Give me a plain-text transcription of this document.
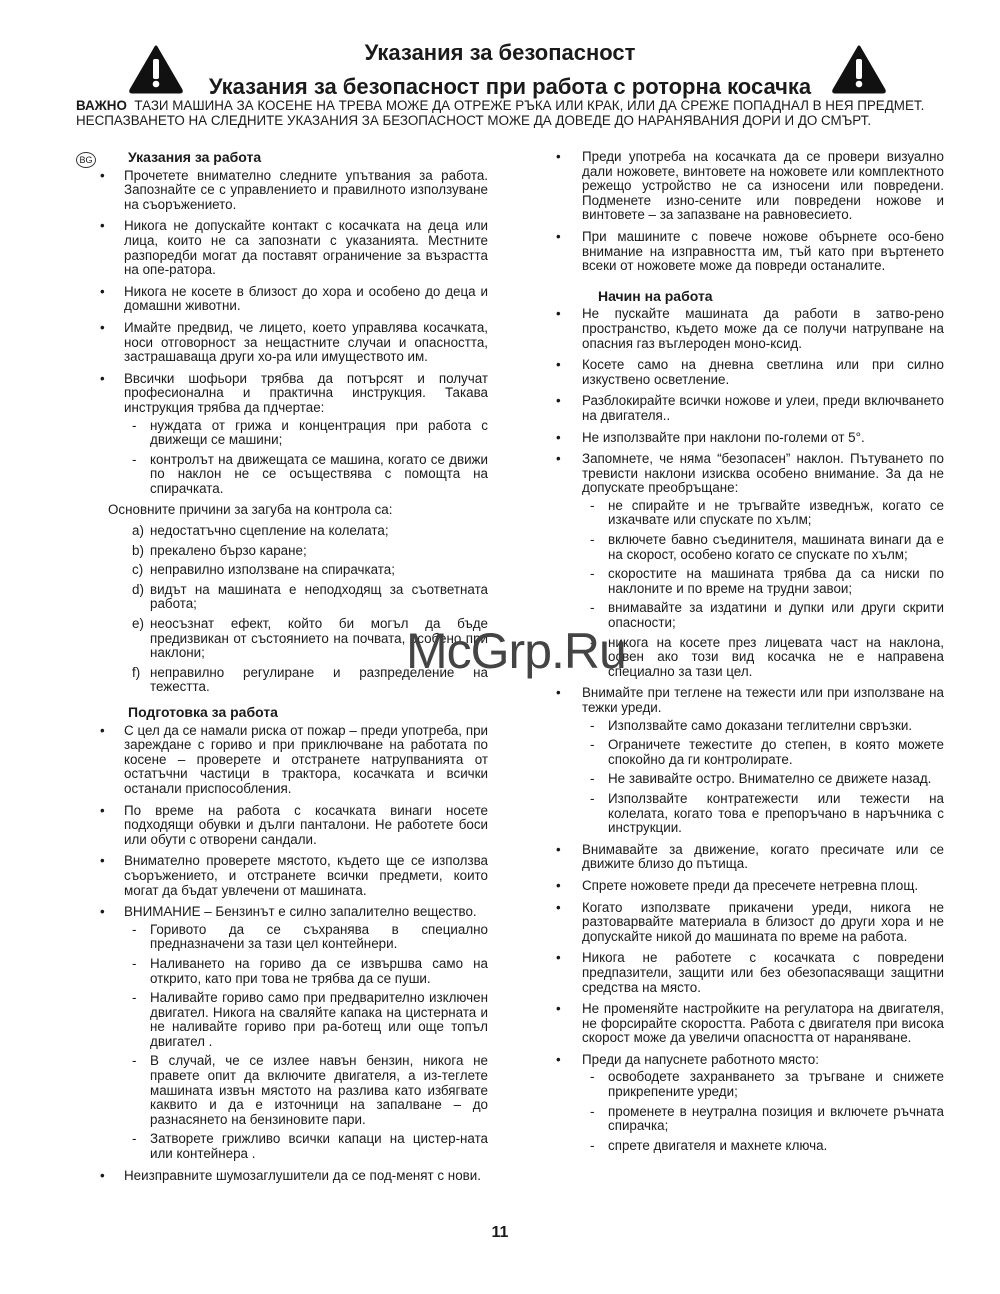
Указания за безопасност
Указания за безопасност при работа с роторна косачка
ВАЖНО ТАЗИ МАШИНА ЗА КОСЕНЕ НА ТРЕВА МОЖЕ ДА ОТРЕЖЕ РЪКА ИЛИ КРАК, ИЛИ ДА СРЕЖЕ ПОПАДНАЛ В НЕЯ ПРЕДМЕТ. НЕСПАЗВАНЕТО НА СЛЕДНИТЕ УКАЗАНИЯ ЗА БЕЗОПАСНОСТ МОЖЕ ДА ДОВЕДЕ ДО НАРАНЯВАНИЯ ДОРИ И ДО СМЪРТ.
BG	Указания за работа
• Прочетете внимателно следните упътвания за работа. Запознайте се с управлението и правилното използуване на съоръжението.
• Никога не допускайте контакт с косачката на деца или лица, които не са запознати с указанията. Местните разпоредби могат да поставят ограничение за възрастта на опе-ратора.
• Никога не косете в близост до хора и особено до деца и домашни животни.
• Имайте предвид, че лицето, което управлява косачката, носи отговорност за нещастните случаи и опасността, застрашаваща други хо-ра или имуществото им.
• Ввсички шофьори трябва да потърсят и получат професионална и практична инструкция. Такава инструкция трябва да пдчертае:
- нуждата от грижа и концентрация при работа с движещи се машини;
- контролът на движещата се машина, когато се движи по наклон не се осъществява с помощта на спирачката.
Основните причини за загуба на контрола са:
a) недостатъчно сцепление на колелата;
b) прекалено бързо каране;
c) неправилно използване на спирачката;
d) видът на машината е неподходящ за съответната работа;
e) неосъзнат ефект, който би могъл да бъде предизвикан от състоянието на почвата, особено при наклони;
f) неправилно регулиране и разпределение на тежестта.
Подготовка за работа
• С цел да се намали риска от пожар – преди употреба, при зареждане с гориво и при приключване на работата по косене – проверете и отстранете натрупванията от остатъчни частици в трактора, косачката и всички останали приспособления.
• По време на работа с косачката винаги носете подходящи обувки и дълги панталони. Не работете боси или обути с отворени сандали.
• Внимателно проверете мястото, където ще се използва съоръжението, и отстранете всички предмети, които могат да бъдат увлечени от машината.
• ВНИМАНИЕ – Бензинът е силно запалително вещество.
- Горивото да се съхранява в специално предназначени за тази цел контейнери.
- Наливането на гориво да се извършва само на открито, като при това не трябва да се пуши.
- Наливайте гориво само при предварително изключен двигател. Никога на сваляйте капака на цистерната и не наливайте гориво при ра-ботещ или още топъл двигател .
- В случай, че се излее навън бензин, никога не правете опит да включите двигателя, а из-теглете машината извън мястото на разлива като избягвате каквито и да е източници на запалване – до разнасянето на бензиновите пари.
- Затворете грижливо всички капаци на цистер-ната или контейнера .
• Неизправните шумозаглушители да се под-менят с нови.
• Преди употреба на косачката да се провери визуално дали ножовете, винтовете на ножовете или комплектното режещо устройство не са износени или повредени. Подменете изно-сените или повредени ножове и винтовете – за запазване на равновесието.
• При машините с повече ножове обърнете осо-бено внимание на изправността им, тъй като при въртенето всеки от ножовете може да повреди останалите.
Начин на работа
• Не пускайте машината да работи в затво-рено пространство, където може да се получи натрупване на опасния газ въглероден моно-ксид.
• Косете само на дневна светлина или при силно изкуствено осветление.
• Разблокирайте всички ножове и улеи, преди включването на двигателя..
• Не използвайте при наклони по-големи от 5°.
• Запомнете, че няма “безопасен” наклон. Пътуването по тревисти наклони изисква особено внимание. За да не допускате преобръщане:
- не спирайте и не тръгвайте изведнъж, когато се изкачвате или спускате по хълм;
- включете бавно съединителя, машината винаги да е на скорост, особено когато се спускате по хълм;
- скоростите на машината трябва да са ниски по наклоните и по време на трудни завои;
- внимавайте за издатини и дупки или други скрити опасности;
- никога на косете през лицевата част на наклона, освен ако този вид косачка не е направена специално за тази цел.
• Внимайте при теглене на тежести или при използване на тежки уреди.
- Използвайте само доказани теглителни свръзки.
- Ограничете тежестите до степен, в която можете спокойно да ги контролирате.
- Не завивайте остро. Внимателно се движете назад.
- Използвайте контратежести или тежести на колелата, когато това е препоръчано в наръчника с инструкции.
• Внимавайте за движение, когато пресичате или се движите близо до пътища.
• Спрете ножовете преди да пресечете нетревна площ.
• Когато използвате прикачени уреди, никога не разтоварвайте материала в близост до други хора и не допускайте никой до машината по време на работа.
• Никога не работете с косачката с повредени предпазители, защити или без обезопасяващи защитни средства на място.
• Не променяйте настройките на регулатора на двигателя, не форсирайте скоростта. Работа с двигателя при висока скорост може да увеличи опасността от нараняване.
• Преди да напуснете работното място:
- освободете захранването за тръгване и снижете прикрепените уреди;
- променете в неутрална позиция и включете ръчната спирачка;
- спрете двигателя и махнете ключа.
McGrp.Ru
11
